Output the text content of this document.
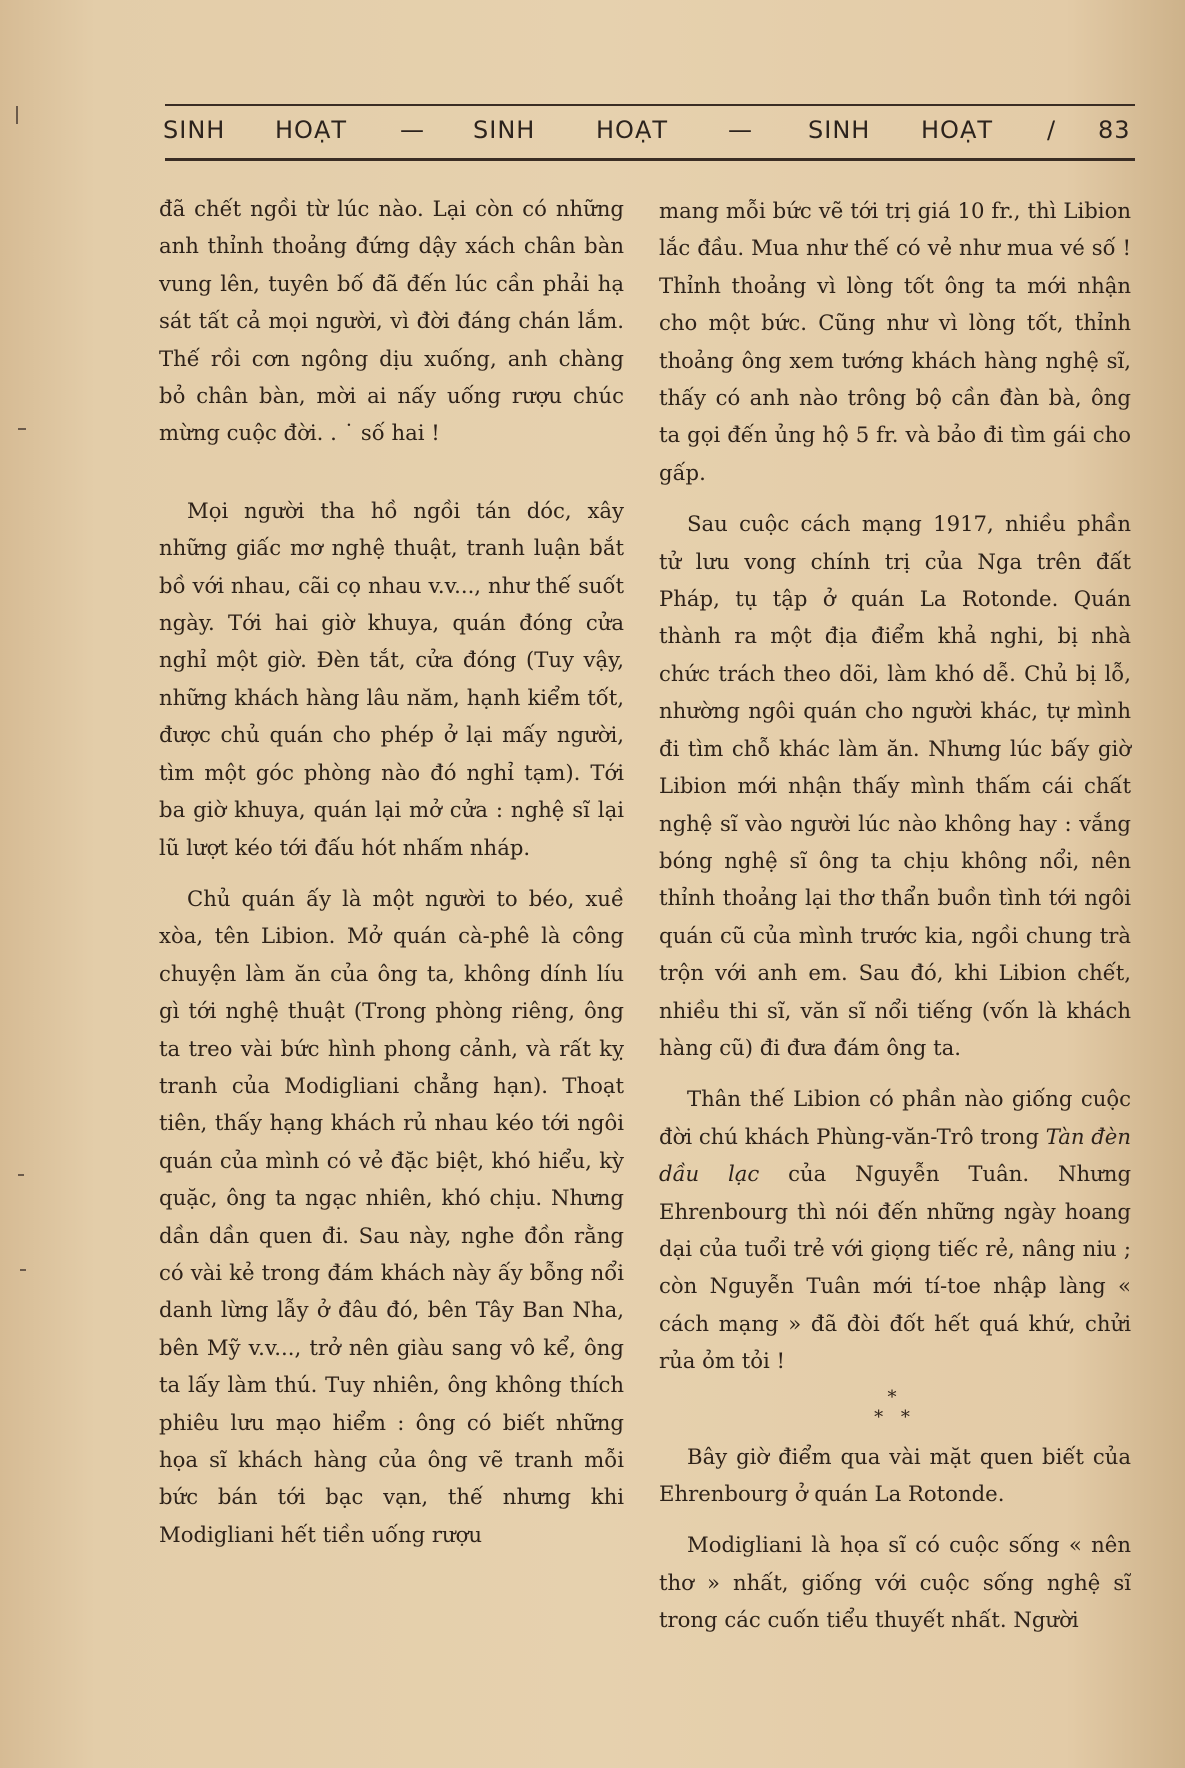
SINH HOẠT — SINH	HOẠT — SINH HOẠT / 83

đã chết ngồi từ lúc nào. Lại còn có những anh thỉnh thoảng đứng dậy xách chân bàn vung lên, tuyên bố đã đến lúc cần phải hạ sát tất cả mọi người, vì đời đáng chán lắm. Thế rồi cơn ngông dịu xuống, anh chàng bỏ chân bàn, mời ai nấy uống rượu chúc mừng cuộc đời. . ˙ số hai !

Mọi người tha hồ ngồi tán dóc, xây những giấc mơ nghệ thuật, tranh luận bắt bồ với nhau, cãi cọ nhau v.v..., như thế suốt ngày. Tới hai giờ khuya, quán đóng cửa nghỉ một giờ. Đèn tắt, cửa đóng (Tuy vậy, những khách hàng lâu năm, hạnh kiểm tốt, được chủ quán cho phép ở lại mấy người, tìm một góc phòng nào đó nghỉ tạm). Tới ba giờ khuya, quán lại mở cửa : nghệ sĩ lại lũ lượt kéo tới đấu hót nhấm nháp.

Chủ quán ấy là một người to béo, xuề xòa, tên Libion. Mở quán cà-phê là công chuyện làm ăn của ông ta, không dính líu gì tới nghệ thuật (Trong phòng riêng, ông ta treo vài bức hình phong cảnh, và rất kỵ tranh của Modigliani chẳng hạn). Thoạt tiên, thấy hạng khách rủ nhau kéo tới ngôi quán của mình có vẻ đặc biệt, khó hiểu, kỳ quặc, ông ta ngạc nhiên, khó chịu. Nhưng dần dần quen đi. Sau này, nghe đồn rằng có vài kẻ trong đám khách này ấy bỗng nổi danh lừng lẫy ở đâu đó, bên Tây Ban Nha, bên Mỹ v.v..., trở nên giàu sang vô kể, ông ta lấy làm thú. Tuy nhiên, ông không thích phiêu lưu mạo hiểm : ông có biết những họa sĩ khách hàng của ông vẽ tranh mỗi bức bán tới bạc vạn, thế nhưng khi Modigliani hết tiền uống rượu

mang mỗi bức vẽ tới trị giá 10 fr., thì Libion lắc đầu. Mua như thế có vẻ như mua vé số ! Thỉnh thoảng vì lòng tốt ông ta mới nhận cho một bức. Cũng như vì lòng tốt, thỉnh thoảng ông xem tướng khách hàng nghệ sĩ, thấy có anh nào trông bộ cần đàn bà, ông ta gọi đến ủng hộ 5 fr. và bảo đi tìm gái cho gấp.

Sau cuộc cách mạng 1917, nhiều phần tử lưu vong chính trị của Nga trên đất Pháp, tụ tập ở quán La Rotonde. Quán thành ra một địa điểm khả nghi, bị nhà chức trách theo dõi, làm khó dễ. Chủ bị lỗ, nhường ngôi quán cho người khác, tự mình đi tìm chỗ khác làm ăn. Nhưng lúc bấy giờ Libion mới nhận thấy mình thấm cái chất nghệ sĩ vào người lúc nào không hay : vắng bóng nghệ sĩ ông ta chịu không nổi, nên thỉnh thoảng lại thơ thẩn buồn tình tới ngôi quán cũ của mình trước kia, ngồi chung trà trộn với anh em. Sau đó, khi Libion chết, nhiều thi sĩ, văn sĩ nổi tiếng (vốn là khách hàng cũ) đi đưa đám ông ta.

Thân thế Libion có phần nào giống cuộc đời chú khách Phùng-văn-Trô trong Tàn đèn dầu lạc của Nguyễn Tuân. Nhưng Ehrenbourg thì nói đến những ngày hoang dại của tuổi trẻ với giọng tiếc rẻ, nâng niu ; còn Nguyễn Tuân mới tí-toe nhập làng « cách mạng » đã đòi đốt hết quá khứ, chửi rủa ỏm tỏi !

*
* *

Bây giờ điểm qua vài mặt quen biết của Ehrenbourg ở quán La Rotonde.

Modigliani là họa sĩ có cuộc sống « nên thơ » nhất, giống với cuộc sống nghệ sĩ trong các cuốn tiểu thuyết nhất. Người
